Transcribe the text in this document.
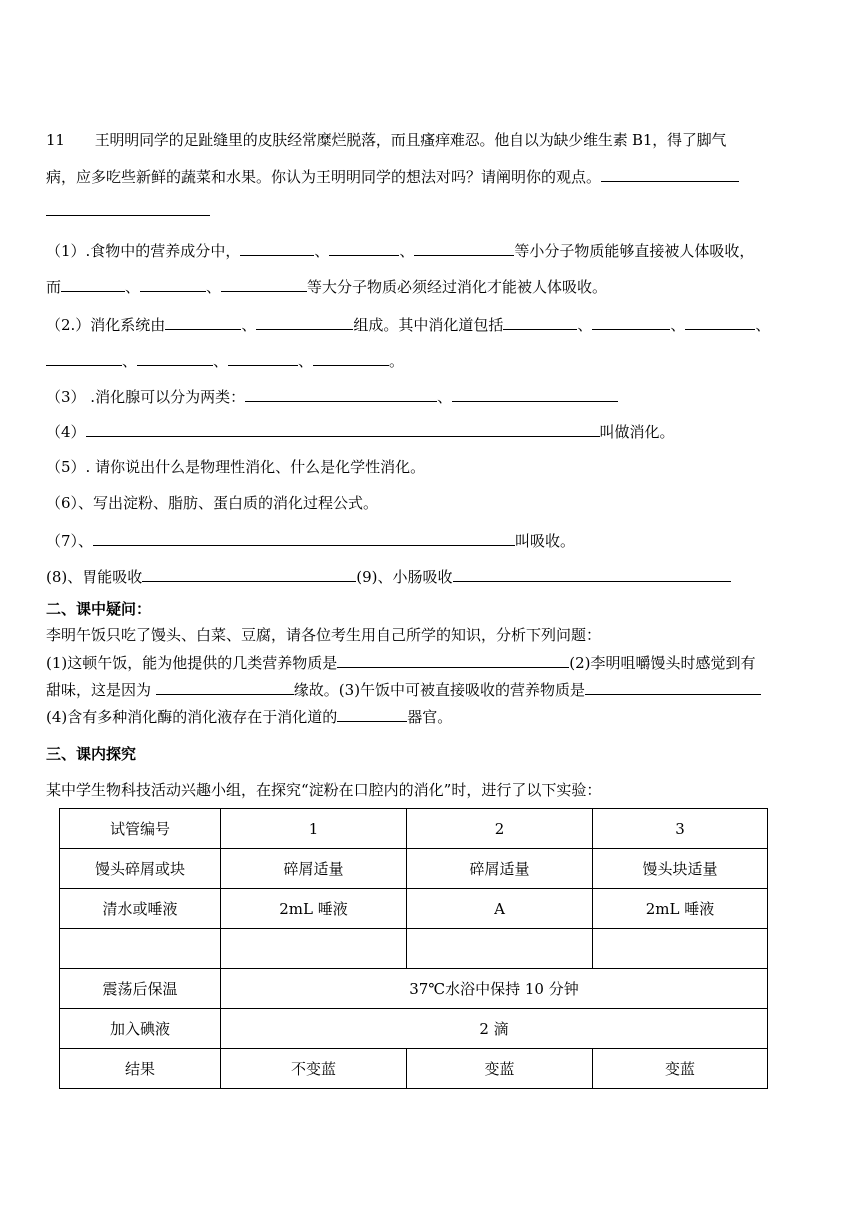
11 王明明同学的足趾缝里的皮肤经常糜烂脱落，而且瘙痒难忍。他自以为缺少维生素 B1，得了脚气
病，应多吃些新鲜的蔬菜和水果。你认为王明明同学的想法对吗？请阐明你的观点。
（1）.食物中的营养成分中，	、	、	等小分子物质能够直接被人体吸收，
而	、	、	等大分子物质必须经过消化才能被人体吸收。
（2.）消化系统由	、	组成。其中消化道包括	、	、	、
、	、	、	。
（3） .消化腺可以分为两类：	、
（4）	叫做消化。
（5）. 请你说出什么是物理性消化、什么是化学性消化。
（6）、写出淀粉、脂肪、蛋白质的消化过程公式。
（7）、	叫吸收。
(8)、胃能吸收	(9)、小肠吸收
二、课中疑问：
李明午饭只吃了馒头、白菜、豆腐，请各位考生用自己所学的知识，分析下列问题：
(1)这顿午饭，能为他提供的几类营养物质是	(2)李明咀嚼馒头时感觉到有
甜味，这是因为	缘故。(3)午饭中可被直接吸收的营养物质是
(4)含有多种消化酶的消化液存在于消化道的	器官。
三、课内探究
某中学生物科技活动兴趣小组，在探究“淀粉在口腔内的消化”时，进行了以下实验：
试管编号	1	2	3
馒头碎屑或块	碎屑适量	碎屑适量	馒头块适量
清水或唾液	2mL 唾液	A	2mL 唾液

震荡后保温	37℃水浴中保持 10 分钟		
加入碘液	2 滴		
结果	不变蓝	变蓝	变蓝
